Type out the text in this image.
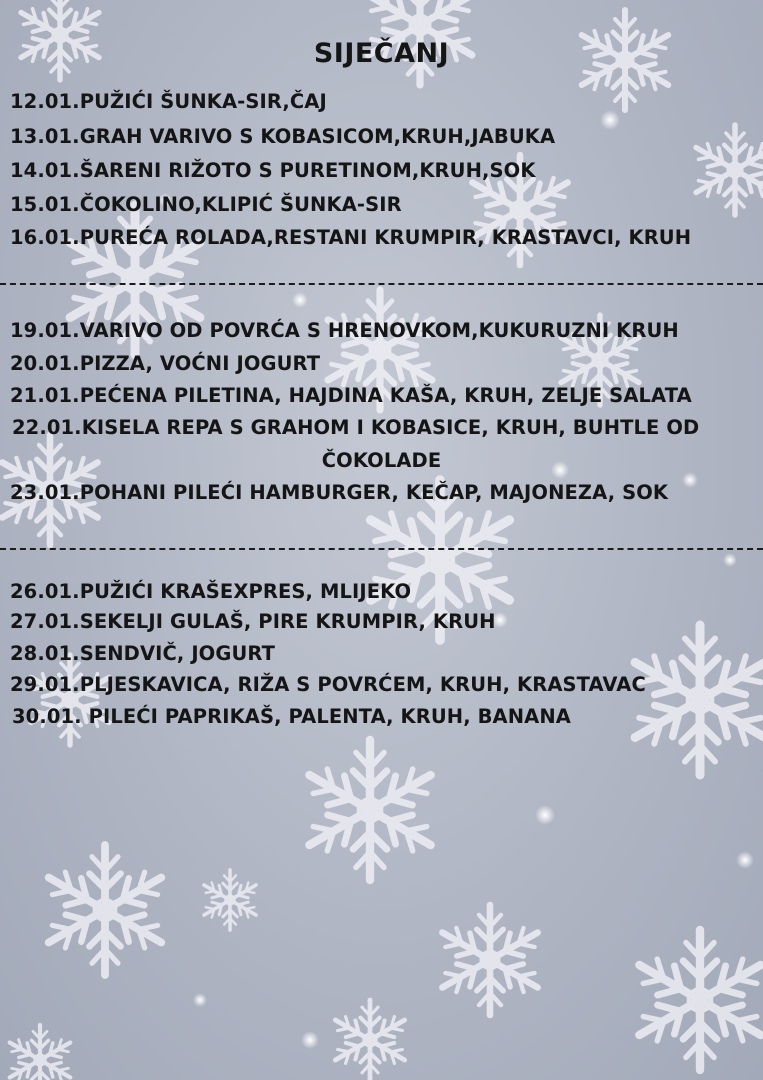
SIJEČANJ
12.01.PUŽIĆI ŠUNKA-SIR,ČAJ
13.01.GRAH VARIVO S KOBASICOM,KRUH,JABUKA
14.01.ŠARENI RIŽOTO S PURETINOM,KRUH,SOK
15.01.ČOKOLINO,KLIPIĆ ŠUNKA-SIR
16.01.PUREĆA ROLADA,RESTANI KRUMPIR, KRASTAVCI, KRUH
19.01.VARIVO OD POVRĆA S HRENOVKOM,KUKURUZNI KRUH
20.01.PIZZA, VOĆNI JOGURT
21.01.PEĆENA PILETINA, HAJDINA KAŠA, KRUH, ZELJE SALATA
22.01.KISELA REPA S GRAHOM I KOBASICE, KRUH, BUHTLE OD
ČOKOLADE
23.01.POHANI PILEĆI HAMBURGER, KEČAP, MAJONEZA, SOK
26.01.PUŽIĆI KRAŠEXPRES, MLIJEKO
27.01.SEKELJI GULAŠ, PIRE KRUMPIR, KRUH
28.01.SENDVIČ, JOGURT
29.01.PLJESKAVICA, RIŽA S POVRĆEM, KRUH, KRASTAVAC
30.01. PILEĆI PAPRIKAŠ, PALENTA, KRUH, BANANA
